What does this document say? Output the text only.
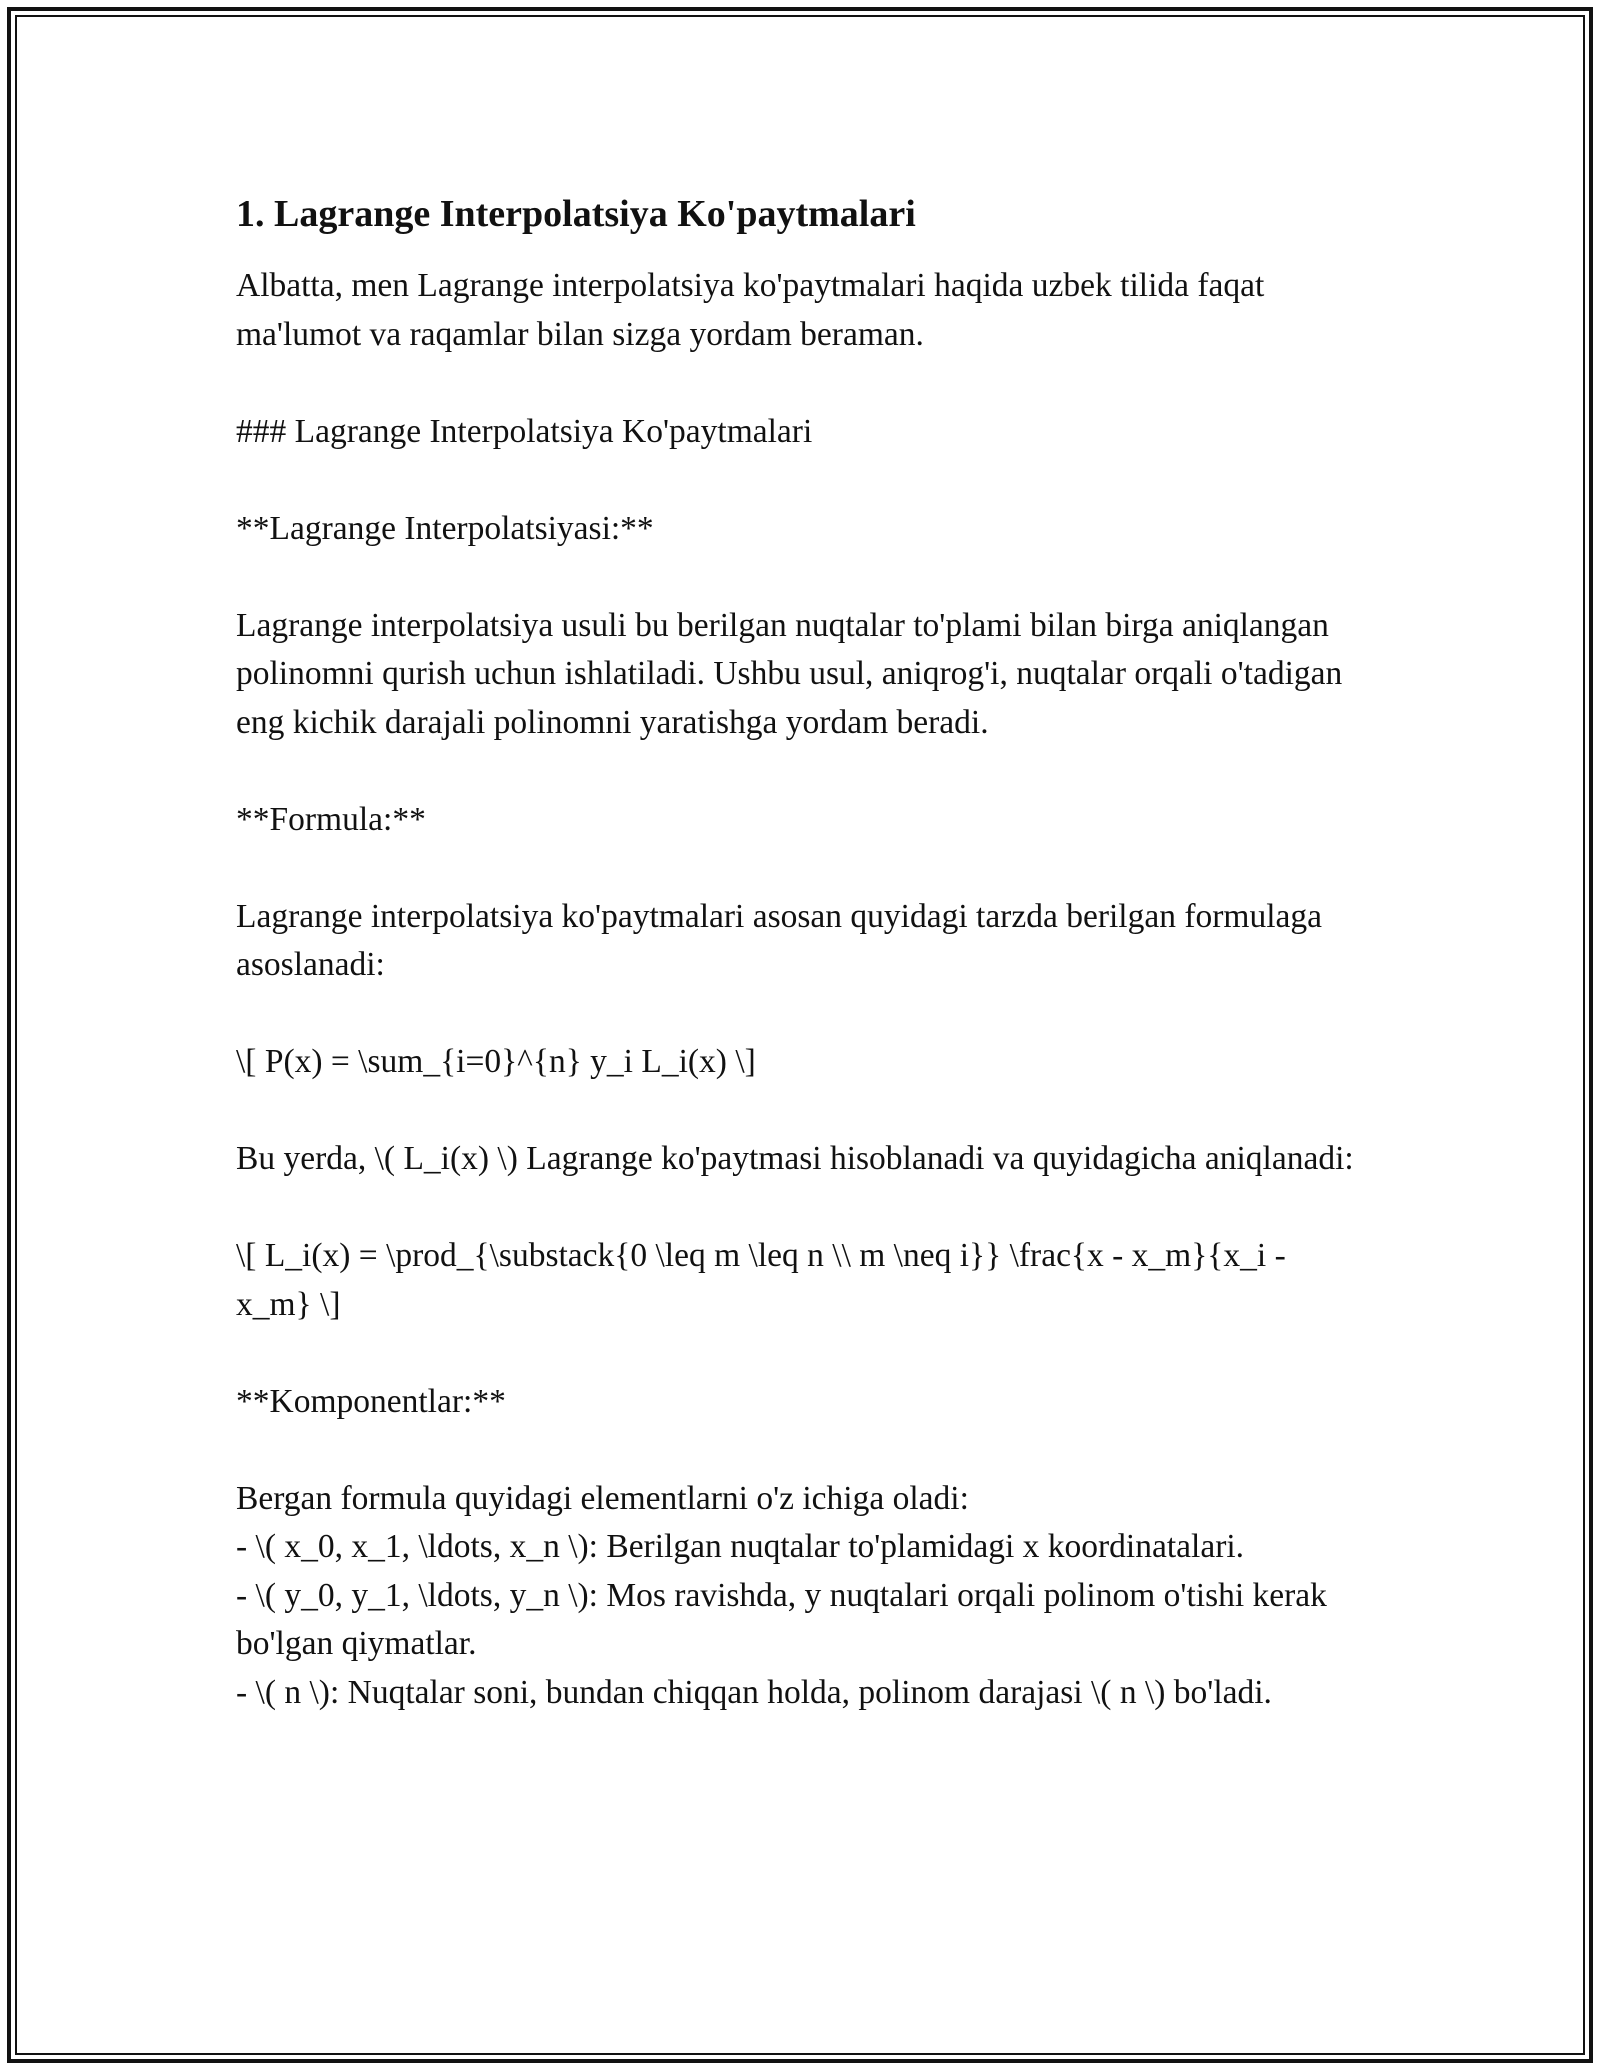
1. Lagrange Interpolatsiya Ko'paytmalari

Albatta, men Lagrange interpolatsiya ko'paytmalari haqida uzbek tilida faqat ma'lumot va raqamlar bilan sizga yordam beraman.

### Lagrange Interpolatsiya Ko'paytmalari

**Lagrange Interpolatsiyasi:**

Lagrange interpolatsiya usuli bu berilgan nuqtalar to'plami bilan birga aniqlangan polinomni qurish uchun ishlatiladi. Ushbu usul, aniqrog'i, nuqtalar orqali o'tadigan eng kichik darajali polinomni yaratishga yordam beradi.

**Formula:**

Lagrange interpolatsiya ko'paytmalari asosan quyidagi tarzda berilgan formulaga asoslanadi:

\[ P(x) = \sum_{i=0}^{n} y_i L_i(x) \]

Bu yerda, \( L_i(x) \) Lagrange ko'paytmasi hisoblanadi va quyidagicha aniqlanadi:

\[ L_i(x) = \prod_{\substack{0 \leq m \leq n \\ m \neq i}} \frac{x - x_m}{x_i - x_m} \]

**Komponentlar:**

Bergan formula quyidagi elementlarni o'z ichiga oladi:

- \( x_0, x_1, \ldots, x_n \): Berilgan nuqtalar to'plamidagi x koordinatalari.

- \( y_0, y_1, \ldots, y_n \): Mos ravishda, y nuqtalari orqali polinom o'tishi kerak bo'lgan qiymatlar.

- \( n \): Nuqtalar soni, bundan chiqqan holda, polinom darajasi \( n \) bo'ladi.
